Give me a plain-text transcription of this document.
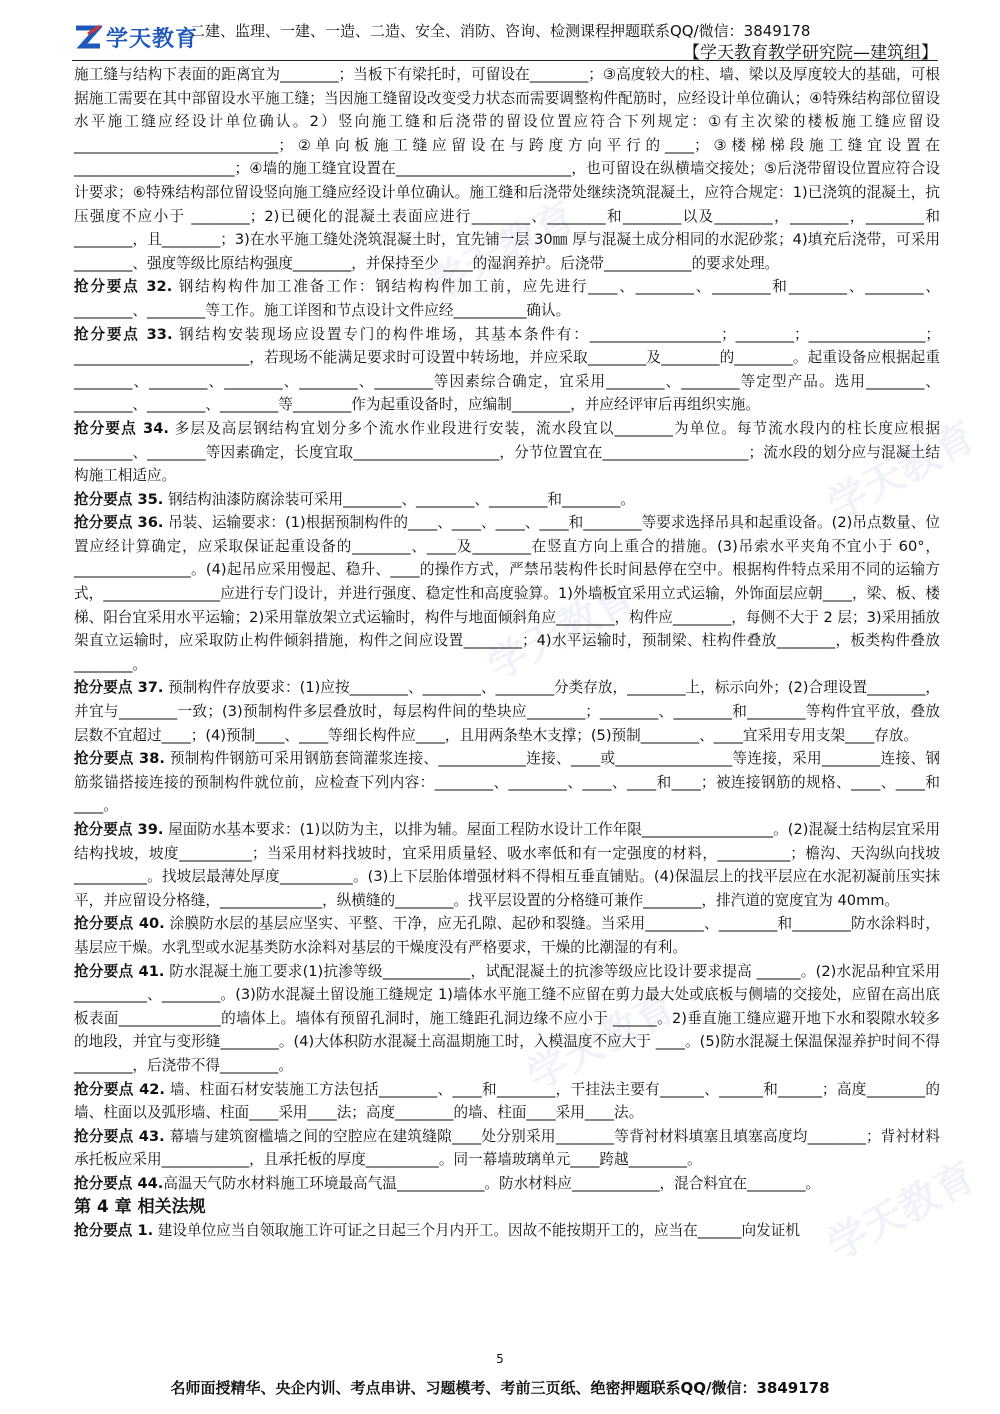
学天教育
二建、监理、一建、一造、二造、安全、消防、咨询、检测课程押题联系QQ/微信：3849178
【学天教育教学研究院—建筑组】
学天教育
学天教育
学天教育
学天教育
学天教育

施工缝与结构下表面的距离宜为________；当板下有梁托时，可留设在________；③高度较大的柱、墙、梁以及厚度较大的基础，可根据施工需要在其中部留设水平施工缝；当因施工缝留设改变受力状态而需要调整构件配筋时，应经设计单位确认；④特殊结构部位留设水平施工缝应经设计单位确认。2）竖向施工缝和后浇带的留设位置应符合下列规定：①有主次梁的楼板施工缝应留设____________________________；②单向板施工缝应留设在与跨度方向平行的____；③楼梯梯段施工缝宜设置在______________________；④墙的施工缝宜设置在________________________，也可留设在纵横墙交接处；⑤后浇带留设位置应符合设计要求；⑥特殊结构部位留设竖向施工缝应经设计单位确认。施工缝和后浇带处继续浇筑混凝土，应符合规定：1)已浇筑的混凝土，抗压强度不应小于 ________；2)已硬化的混凝土表面应进行________、________和________以及________，________，________和________，且________；3)在水平施工缝处浇筑混凝土时，宜先铺一层 30㎜ 厚与混凝土成分相同的水泥砂浆；4)填充后浇带，可采用________、强度等级比原结构强度________，并保持至少 ____的湿润养护。后浇带____________的要求处理。

抢分要点 32. 钢结构构件加工准备工作：钢结构构件加工前，应先进行____、________、________和________、________、________、________等工作。施工详图和节点设计文件应经__________确认。

抢分要点 33. 钢结构安装现场应设置专门的构件堆场，其基本条件有：__________________；________；________________；________________________，若现场不能满足要求时可设置中转场地，并应采取________及________的________。起重设备应根据起重________、________、________、________、________等因素综合确定，宜采用________、________等定型产品。选用________、________、________、________等________作为起重设备时，应编制________，并应经评审后再组织实施。

抢分要点 34. 多层及高层钢结构宜划分多个流水作业段进行安装，流水段宜以________为单位。每节流水段内的柱长度应根据________、________等因素确定，长度宜取____________________，分节位置宜在____________________；流水段的划分应与混凝土结构施工相适应。

抢分要点 35. 钢结构油漆防腐涂装可采用________、________、________和________。

抢分要点 36. 吊装、运输要求：(1)根据预制构件的____、____、____、____和________等要求选择吊具和起重设备。(2)吊点数量、位置应经计算确定，应采取保证起重设备的________、____及________在竖直方向上重合的措施。(3)吊索水平夹角不宜小于 60°，________________。(4)起吊应采用慢起、稳升、____的操作方式，严禁吊装构件长时间悬停在空中。根据构件特点采用不同的运输方式，________________应进行专门设计，并进行强度、稳定性和高度验算。1)外墙板宜采用立式运输，外饰面层应朝____，梁、板、楼梯、阳台宜采用水平运输；2)采用靠放架立式运输时，构件与地面倾斜角应________，构件应________，每侧不大于 2 层；3)采用插放架直立运输时，应采取防止构件倾斜措施，构件之间应设置________；4)水平运输时，预制梁、柱构件叠放________，板类构件叠放________。

抢分要点 37. 预制构件存放要求：(1)应按________、________、________分类存放，________上，标示向外；(2)合理设置________，并宜与________一致；(3)预制构件多层叠放时，每层构件间的垫块应________；________、________和________等构件宜平放，叠放层数不宜超过____；(4)预制____、____等细长构件应____，且用两条垫木支撑；(5)预制________、____宜采用专用支架____存放。

抢分要点 38. 预制构件钢筋可采用钢筋套筒灌浆连接、____________连接、____或________________等连接，采用________连接、钢筋浆锚搭接连接的预制构件就位前，应检查下列内容：________、________、____、____和____；被连接钢筋的规格、____、____和____。

抢分要点 39. 屋面防水基本要求：(1)以防为主，以排为辅。屋面工程防水设计工作年限__________________。(2)混凝土结构层宜采用结构找坡，坡度__________；当采用材料找坡时，宜采用质量轻、吸水率低和有一定强度的材料，__________；檐沟、天沟纵向找坡__________。找坡层最薄处厚度__________。(3)上下层胎体增强材料不得相互垂直铺贴。(4)保温层上的找平层应在水泥初凝前压实抹平，并应留设分格缝，______________，纵横缝的________。找平层设置的分格缝可兼作________，排汽道的宽度宜为 40mm。

抢分要点 40. 涂膜防水层的基层应坚实、平整、干净，应无孔隙、起砂和裂缝。当采用________、________和________防水涂料时，基层应干燥。水乳型或水泥基类防水涂料对基层的干燥度没有严格要求，干燥的比潮湿的有利。

抢分要点 41. 防水混凝土施工要求(1)抗渗等级____________，试配混凝土的抗渗等级应比设计要求提高 ______。(2)水泥品种宜采用__________、________。(3)防水混凝土留设施工缝规定 1)墙体水平施工缝不应留在剪力最大处或底板与侧墙的交接处，应留在高出底板表面______________的墙体上。墙体有预留孔洞时，施工缝距孔洞边缘不应小于 ______。2)垂直施工缝应避开地下水和裂隙水较多的地段，并宜与变形缝________。(4)大体积防水混凝土高温期施工时，入模温度不应大于 ____。(5)防水混凝土保温保湿养护时间不得________，后浇带不得________。

抢分要点 42. 墙、柱面石材安装施工方法包括________、____和________，干挂法主要有______、______和______；高度________的墙、柱面以及弧形墙、柱面____采用____法；高度________的墙、柱面____采用____法。

抢分要点 43. 幕墙与建筑窗槛墙之间的空腔应在建筑缝隙____处分别采用________等背衬材料填塞且填塞高度均________；背衬材料承托板应采用____________，且承托板的厚度__________。同一幕墙玻璃单元____跨越________。

抢分要点 44.高温天气防水材料施工环境最高气温____________。防水材料应____________，混合料宜在________。

第 4 章 相关法规

抢分要点 1. 建设单位应当自领取施工许可证之日起三个月内开工。因故不能按期开工的，应当在______向发证机

5
名师面授精华、央企内训、考点串讲、习题模考、考前三页纸、绝密押题联系QQ/微信：3849178
